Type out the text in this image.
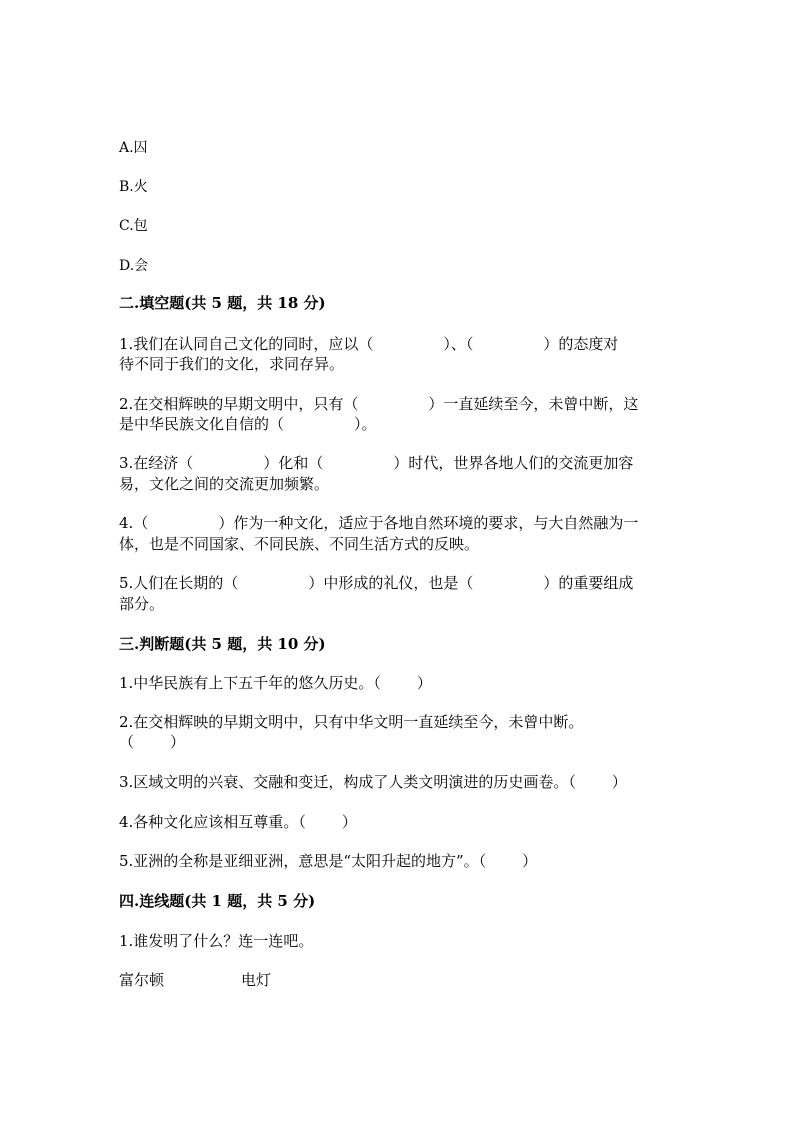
A.囚

B.火

C.包

D.会

二.填空题(共 5 题，共 18 分)

1.我们在认同自己文化的同时，应以（	）、（	）的态度对

待不同于我们的文化，求同存异。

2.在交相辉映的早期文明中，只有（	）一直延续至今，未曾中断，这

是中华民族文化自信的（	）。

3.在经济（	）化和（	）时代，世界各地人们的交流更加容

易，文化之间的交流更加频繁。

4.（	）作为一种文化，适应于各地自然环境的要求，与大自然融为一

体，也是不同国家、不同民族、不同生活方式的反映。

5.人们在长期的（	）中形成的礼仪，也是（	）的重要组成

部分。

三.判断题(共 5 题，共 10 分)

1.中华民族有上下五千年的悠久历史。（ ）

2.在交相辉映的早期文明中，只有中华文明一直延续至今，未曾中断。

（ ）

3.区域文明的兴衰、交融和变迁，构成了人类文明演进的历史画卷。（ ）

4.各种文化应该相互尊重。（ ）

5.亚洲的全称是亚细亚洲，意思是“太阳升起的地方”。（ ）

四.连线题(共 1 题，共 5 分)

1.谁发明了什么？连一连吧。

富尔顿	电灯
